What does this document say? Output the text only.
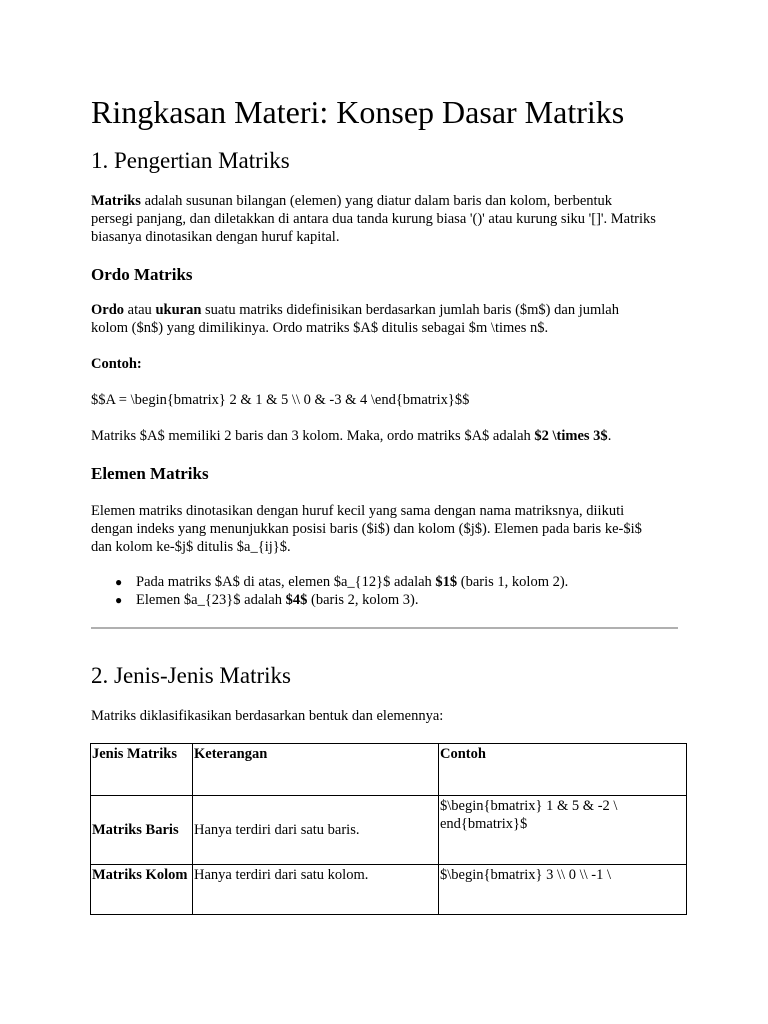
Ringkasan Materi: Konsep Dasar Matriks
1. Pengertian Matriks

Matriks adalah susunan bilangan (elemen) yang diatur dalam baris dan kolom, berbentuk
persegi panjang, dan diletakkan di antara dua tanda kurung biasa '()' atau kurung siku '[]'. Matriks
biasanya dinotasikan dengan huruf kapital.

Ordo Matriks

Ordo atau ukuran suatu matriks didefinisikan berdasarkan jumlah baris ($m$) dan jumlah
kolom ($n$) yang dimilikinya. Ordo matriks $A$ ditulis sebagai $m \times n$.

Contoh:

$$A = \begin{bmatrix} 2 & 1 & 5 \\ 0 & -3 & 4 \end{bmatrix}$$

Matriks $A$ memiliki 2 baris dan 3 kolom. Maka, ordo matriks $A$ adalah $2 \times 3$.

Elemen Matriks

Elemen matriks dinotasikan dengan huruf kecil yang sama dengan nama matriksnya, diikuti
dengan indeks yang menunjukkan posisi baris ($i$) dan kolom ($j$). Elemen pada baris ke-$i$
dan kolom ke-$j$ ditulis $a_{ij}$.

● Pada matriks $A$ di atas, elemen $a_{12}$ adalah $1$ (baris 1, kolom 2).
● Elemen $a_{23}$ adalah $4$ (baris 2, kolom 3).
2. Jenis-Jenis Matriks

Matriks diklasifikasikan berdasarkan bentuk dan elemennya:

Jenis Matriks	Keterangan	Contoh
Matriks Baris	Hanya terdiri dari satu baris.	$\begin{bmatrix} 1 & 5 & -2 \
end{bmatrix}$

Matriks Kolom	Hanya terdiri dari satu kolom.	$\begin{bmatrix} 3 \\ 0 \\ -1 \
